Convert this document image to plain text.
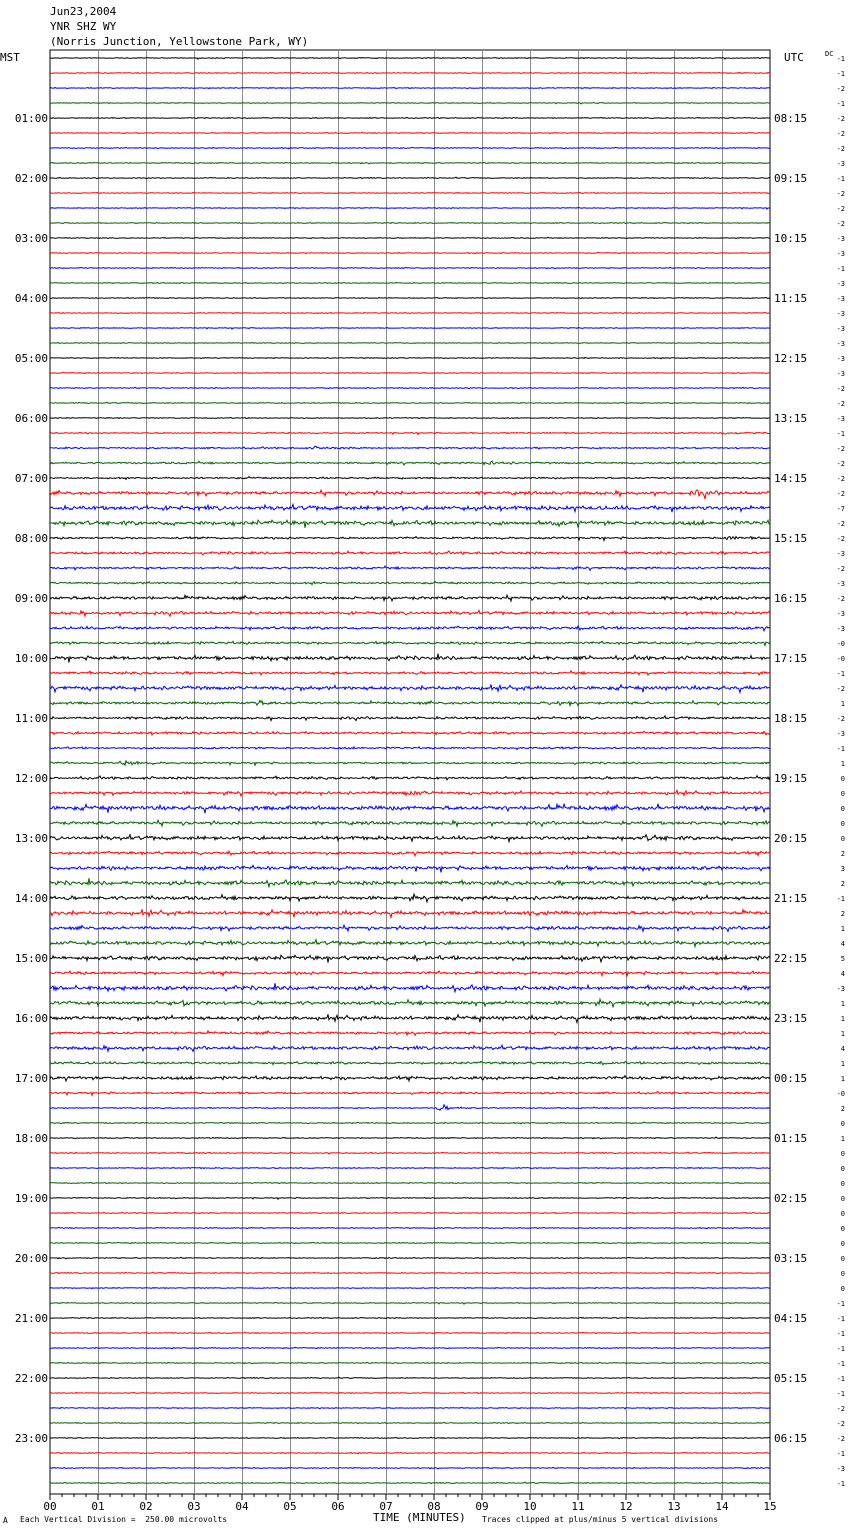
Jun23,2004
YNR SHZ WY
(Norris Junction, Yellowstone Park, WY)
00	01	02	03	04	05	06	07	08	09	10	11	12	13	14	15
-1
-1
-2
-1
-2
-2
-2
-3
-1
-2
-2
-2
-3
-3
-1
-3
-3
-3
-3
-3
-3
-3
-2
-2
-3
-1
-2
-2
-2
-2
-7
-2
-2
-3
-2
-3
-2
-3
-3
-0
-0
-1
-2
1
-2
-3
-1
1
0
0
0
0
0
2
3
2
-1
2
1
4
5
4
-3
1
1
1
4
1
1
-0
2
0
1
0
0
0
0
0
0
0
0
0
0
-1
-1
-1
-1
-1
-1
-1
-2
-2
-2
-1
-3
-1
MST	UTC	DC
01:00
02:00
03:00
04:00
05:00
06:00
07:00
08:00
09:00
10:00
11:00
12:00
13:00
14:00
15:00
16:00
17:00
18:00
19:00
20:00
21:00
22:00
23:00
08:15
09:15
10:15
11:15
12:15
13:15
14:15
15:15
16:15
17:15
18:15
19:15
20:15
21:15
22:15
23:15
00:15
01:15
02:15
03:15
04:15
05:15
06:15
A Each Vertical Division =  250.00 microvolts	TIME (MINUTES) Traces clipped at plus/minus 5 vertical divisions
